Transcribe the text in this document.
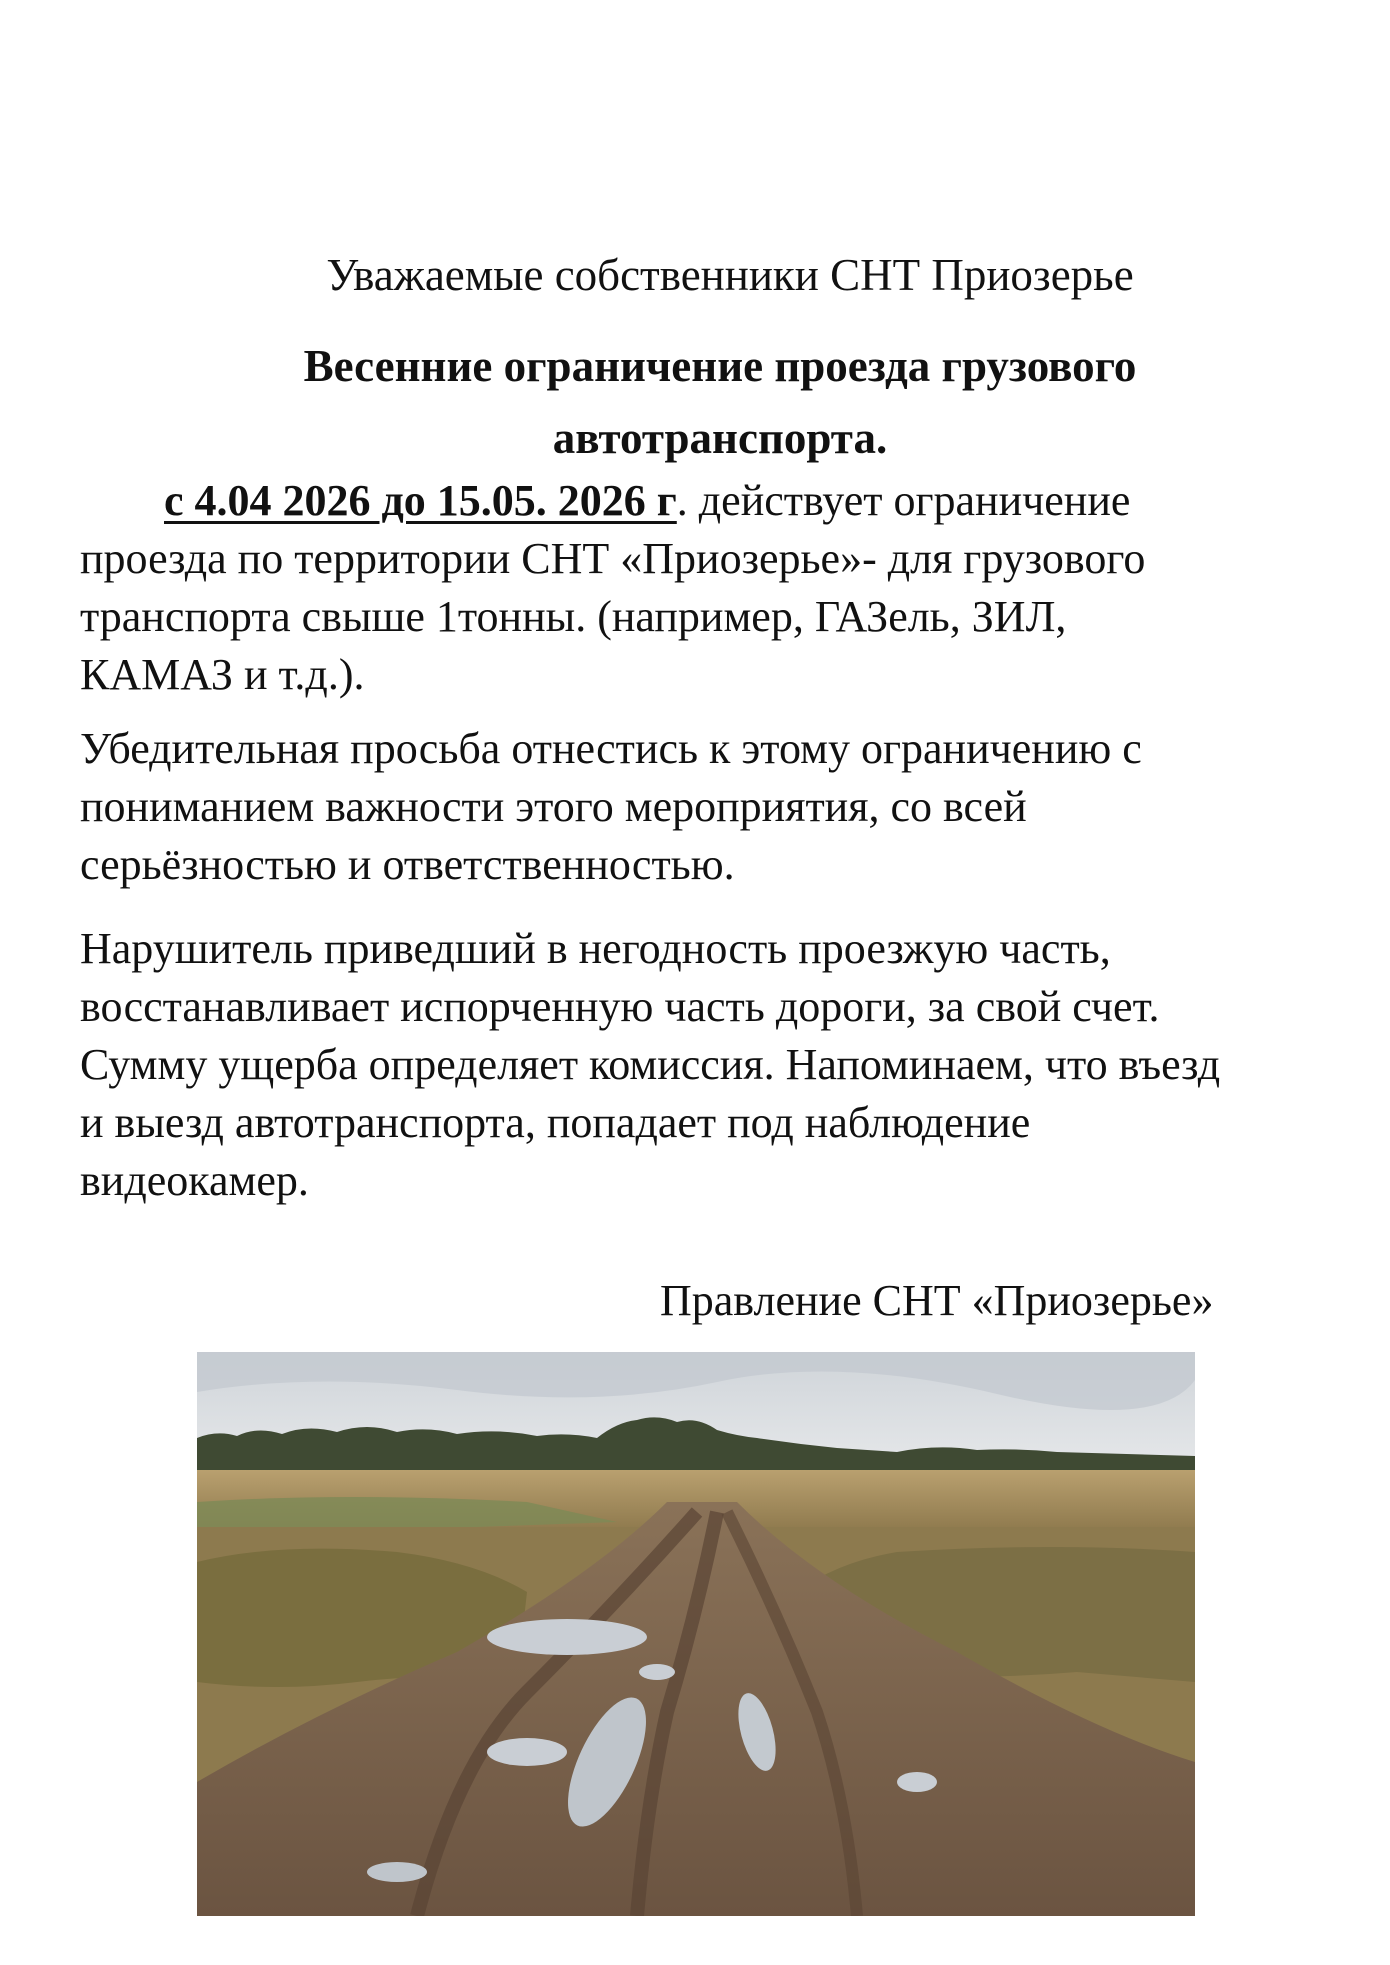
Уважаемые собственники СНТ Приозерье
Весенние ограничение проезда грузового
автотранспорта.
с 4.04 2026 до 15.05. 2026 г. действует ограничение
проезда по территории СНТ «Приозерье»- для грузового
транспорта свыше 1тонны. (например, ГАЗель, ЗИЛ,
КАМАЗ и т.д.).
Убедительная просьба отнестись к этому ограничению с
пониманием важности этого мероприятия, со всей
серьёзностью и ответственностью.
Нарушитель приведший в негодность проезжую часть,
восстанавливает испорченную часть дороги, за свой счет.
Сумму ущерба определяет комиссия. Напоминаем, что въезд
и выезд автотранспорта, попадает под наблюдение
видеокамер.
Правление СНТ «Приозерье»
